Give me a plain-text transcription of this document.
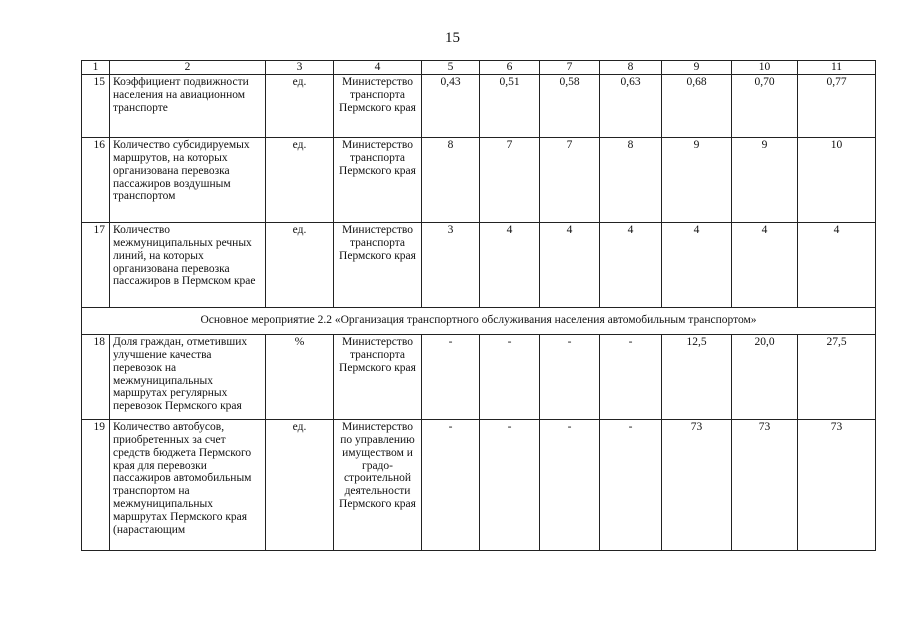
15
1	2	3	4	5	6	7	8	9	10	11
15	Коэффициент подвижности населения на авиационном транспорте	ед.	Министерство транспорта Пермского края	0,43	0,51	0,58	0,63	0,68	0,70	0,77
16	Количество субсидируемых маршрутов, на которых организована перевозка пассажиров воздушным транспортом	ед.	Министерство транспорта Пермского края	8	7	7	8	9	9	10
17	Количество межмуниципальных речных линий, на которых организована перевозка пассажиров в Пермском крае	ед.	Министерство транспорта Пермского края	3	4	4	4	4	4	4
Основное мероприятие 2.2 «Организация транспортного обслуживания населения автомобильным транспортом»										
18	Доля граждан, отметивших улучшение качества перевозок на межмуниципальных маршрутах регулярных перевозок Пермского края	%	Министерство транспорта Пермского края	-	-	-	-	12,5	20,0	27,5
19	Количество автобусов, приобретенных за счет средств бюджета Пермского края для перевозки пассажиров автомобильным транспортом на межмуниципальных маршрутах Пермского края (нарастающим	ед.	Министерство по управлению имуществом и градо-строительной деятельности Пермского края	-	-	-	-	73	73	73
